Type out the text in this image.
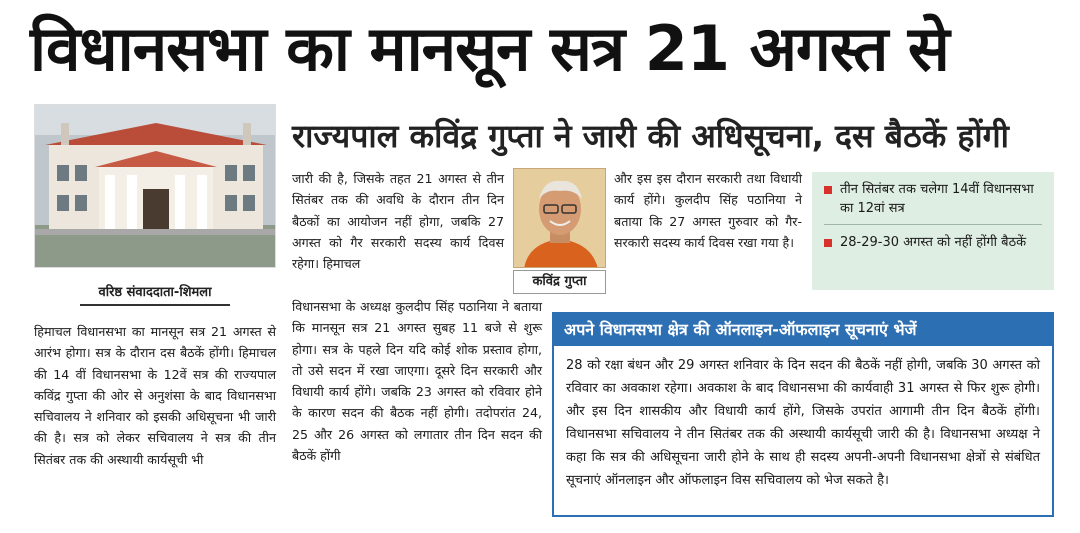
विधानसभा का मानसून सत्र 21 अगस्त से
वरिष्ठ संवाददाता-शिमला
राज्यपाल कविंद्र गुप्ता ने जारी की अधिसूचना, दस बैठकें होंगी
हिमाचल विधानसभा का मानसून सत्र 21 अगस्त से आरंभ होगा। सत्र के दौरान दस बैठकें होंगी। हिमाचल की 14 वीं विधानसभा के 12वें सत्र की राज्यपाल कविंद्र गुप्ता की ओर से अनुशंसा के बाद विधानसभा सचिवालय ने शनिवार को इसकी अधिसूचना भी जारी की है। सत्र को लेकर सचिवालय ने सत्र की तीन सितंबर तक की अस्थायी कार्यसूची भी
जारी की है, जिसके तहत 21 अगस्त से तीन सितंबर तक की अवधि के दौरान तीन दिन बैठकों का आयोजन नहीं होगा, जबकि 27 अगस्त को गैर सरकारी सदस्य कार्य दिवस रहेगा। हिमाचल
विधानसभा के अध्यक्ष कुलदीप सिंह पठानिया ने बताया कि मानसून सत्र 21 अगस्त सुबह 11 बजे से शुरू होगा। सत्र के पहले दिन यदि कोई शोक प्रस्ताव होगा, तो उसे सदन में रखा जाएगा। दूसरे दिन सरकारी और विधायी कार्य होंगे। जबकि 23 अगस्त को रविवार होने के कारण सदन की बैठक नहीं होगी। तदोपरांत 24, 25 और 26 अगस्त को लगातार तीन दिन सदन की बैठकें होंगी
कविंद्र गुप्ता
और इस इस दौरान सरकारी तथा विधायी कार्य होंगे। कुलदीप सिंह पठानिया ने बताया कि 27 अगस्त गुरुवार को गैर-सरकारी सदस्य कार्य दिवस रखा गया है।
तीन सितंबर तक चलेगा 14वीं विधानसभा का 12वां सत्र
28-29-30 अगस्त को नहीं होंगी बैठकें
अपने विधानसभा क्षेत्र की ऑनलाइन-ऑफलाइन सूचनाएं भेजें
28 को रक्षा बंधन और 29 अगस्त शनिवार के दिन सदन की बैठकें नहीं होगी, जबकि 30 अगस्त को रविवार का अवकाश रहेगा। अवकाश के बाद विधानसभा की कार्यवाही 31 अगस्त से फिर शुरू होगी। और इस दिन शासकीय और विधायी कार्य होंगे, जिसके उपरांत आगामी तीन दिन बैठकें होंगी। विधानसभा सचिवालय ने तीन सितंबर तक की अस्थायी कार्यसूची जारी की है। विधानसभा अध्यक्ष ने कहा कि सत्र की अधिसूचना जारी होने के साथ ही सदस्य अपनी-अपनी विधानसभा क्षेत्रों से संबंधित सूचनाएं ऑनलाइन और ऑफलाइन विस सचिवालय को भेज सकते है।
